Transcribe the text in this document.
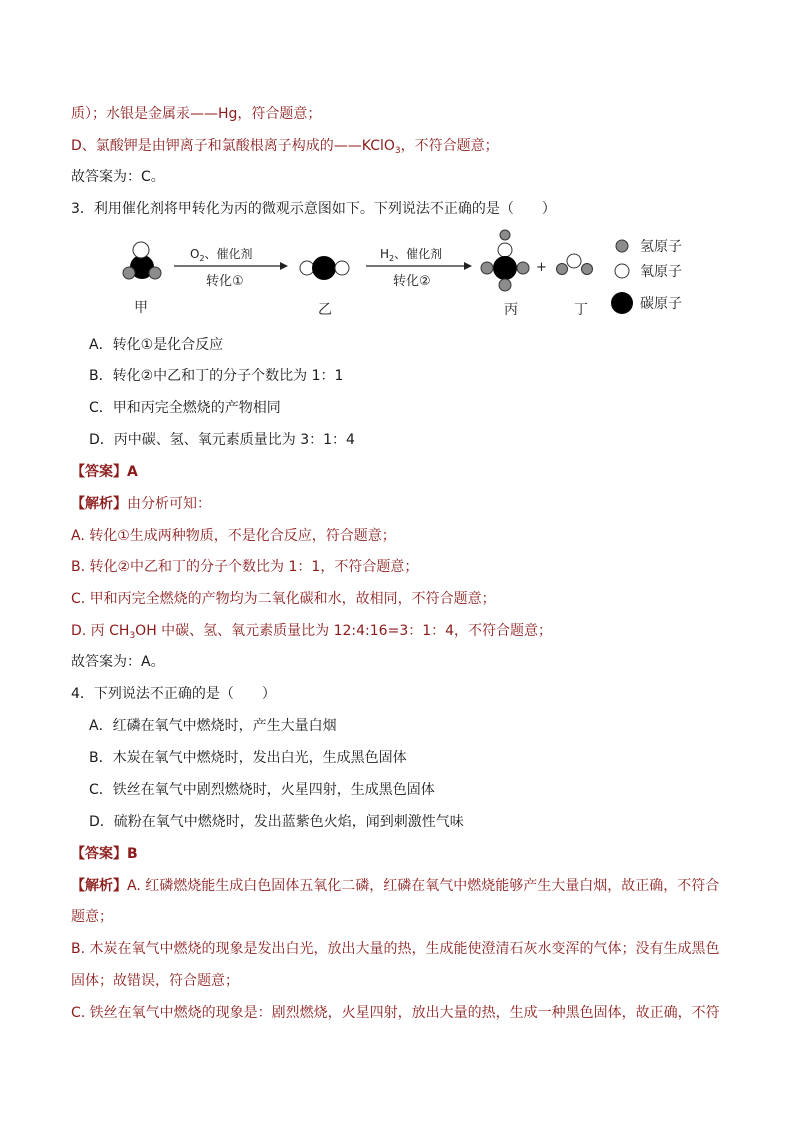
质）；水银是金属汞——Hg，符合题意；
D、氯酸钾是由钾离子和氯酸根离子构成的——KClO$_3$，不符合题意；
故答案为：C。
3．利用催化剂将甲转化为丙的微观示意图如下。下列说法不正确的是（　　）
甲
$O_2$、催化剂
转化①
乙
$H_2$、催化剂
转化②
丙
+
丁
氢原子
氧原子
碳原子
A．转化①是化合反应
B．转化②中乙和丁的分子个数比为 1：1
C．甲和丙完全燃烧的产物相同
D．丙中碳、氢、氧元素质量比为 3：1：4
【答案】A
【解析】由分析可知：
A. 转化①生成两种物质，不是化合反应，符合题意；
B. 转化②中乙和丁的分子个数比为 1：1，不符合题意；
C. 甲和丙完全燃烧的产物均为二氧化碳和水，故相同，不符合题意；
D. 丙 $CH_3OH$ 中碳、氢、氧元素质量比为 12:4:16=3：1：4，不符合题意；
故答案为：A。
4．下列说法不正确的是（　　）
A．红磷在氧气中燃烧时，产生大量白烟
B．木炭在氧气中燃烧时，发出白光，生成黑色固体
C．铁丝在氧气中剧烈燃烧时，火星四射，生成黑色固体
D．硫粉在氧气中燃烧时，发出蓝紫色火焰，闻到刺激性气味
【答案】B
【解析】A. 红磷燃烧能生成白色固体五氧化二磷，红磷在氧气中燃烧能够产生大量白烟，故正确，不符合
题意；
B. 木炭在氧气中燃烧的现象是发出白光，放出大量的热，生成能使澄清石灰水变浑的气体；没有生成黑色
固体；故错误，符合题意；
C. 铁丝在氧气中燃烧的现象是：剧烈燃烧，火星四射，放出大量的热，生成一种黑色固体，故正确，不符
